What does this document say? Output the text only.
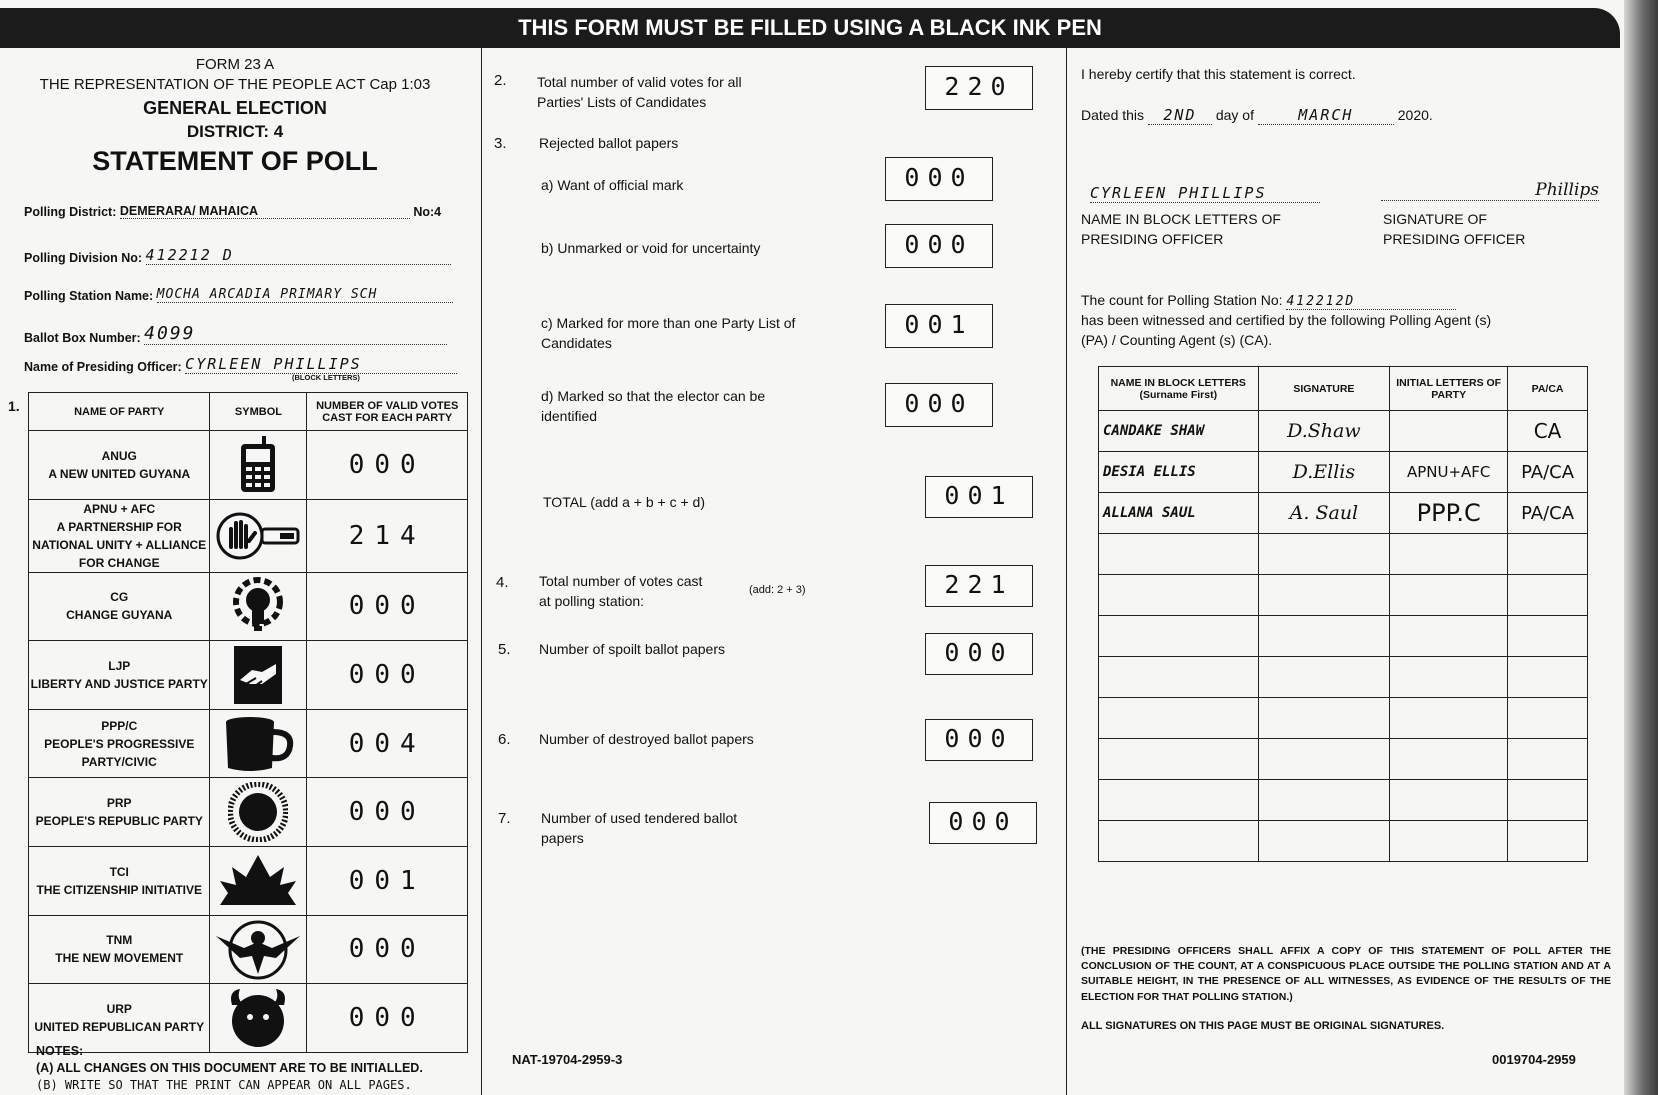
THIS FORM MUST BE FILLED USING A BLACK INK PEN
FORM 23 A
THE REPRESENTATION OF THE PEOPLE ACT Cap 1:03
GENERAL ELECTION
DISTRICT: 4
STATEMENT OF POLL
Polling District: DEMERARA/ MAHAICA	No:4
Polling Division No: 412212 D
Polling Station Name: MOCHA ARCADIA PRIMARY SCH
Ballot Box Number: 4099
Name of Presiding Officer: CYRLEEN PHILLIPS
(BLOCK LETTERS)
1.	NAME OF PARTY	SYMBOL	NUMBER OF VALID VOTES CAST FOR EACH PARTY

ANUG
A NEW UNITED GUYANA		000

APNU + AFC
A PARTNERSHIP FOR NATIONAL UNITY + ALLIANCE FOR CHANGE		214

CG
CHANGE GUYANA		000

LJP
LIBERTY AND JUSTICE PARTY		000

PPP/C
PEOPLE'S PROGRESSIVE PARTY/CIVIC		004

PRP
PEOPLE'S REPUBLIC PARTY		000

TCI
THE CITIZENSHIP INITIATIVE		001

TNM
THE NEW MOVEMENT		000

URP
UNITED REPUBLICAN PARTY		000
NOTES:
(A) ALL CHANGES ON THIS DOCUMENT ARE TO BE INITIALLED.
(B) WRITE SO THAT THE PRINT CAN APPEAR ON ALL PAGES.
2. Total number of valid votes for all Parties' Lists of Candidates
220
3. Rejected ballot papers
a) Want of official mark	000
b) Unmarked or void for uncertainty	000
c) Marked for more than one Party List of Candidates
001
d) Marked so that the elector can be identified	000
TOTAL (add a + b + c + d)	001
4. Total number of votes cast at polling station:
(add: 2 + 3)	221
5. Number of spoilt ballot papers	000
6. Number of destroyed ballot papers	000
7. Number of used tendered ballot papers
000
NAT-19704-2959-3
I hereby certify that this statement is correct.
Dated this 2ND day of	MARCH	2020.
CYRLEEN PHILLIPS	Phillips
NAME IN BLOCK LETTERS OF PRESIDING OFFICER
SIGNATURE OF PRESIDING OFFICER
The count for Polling Station No: 412212D
has been witnessed and certified by the following Polling Agent (s) (PA) / Counting Agent (s) (CA).
NAME IN BLOCK LETTERS (Surname First)	SIGNATURE	INITIAL LETTERS OF PARTY	PA/CA
CANDAKE SHAW	D.Shaw		CA
DESIA ELLIS	D.Ellis	APNU+AFC	PA/CA
ALLANA SAUL	A. Saul	PPP.C	PA/CA

(THE PRESIDING OFFICERS SHALL AFFIX A COPY OF THIS STATEMENT OF POLL AFTER THE CONCLUSION OF THE COUNT, AT A CONSPICUOUS PLACE OUTSIDE THE POLLING STATION AND AT A SUITABLE HEIGHT, IN THE PRESENCE OF ALL WITNESSES, AS EVIDENCE OF THE RESULTS OF THE ELECTION FOR THAT POLLING STATION.)
ALL SIGNATURES ON THIS PAGE MUST BE ORIGINAL SIGNATURES.
0019704-2959
